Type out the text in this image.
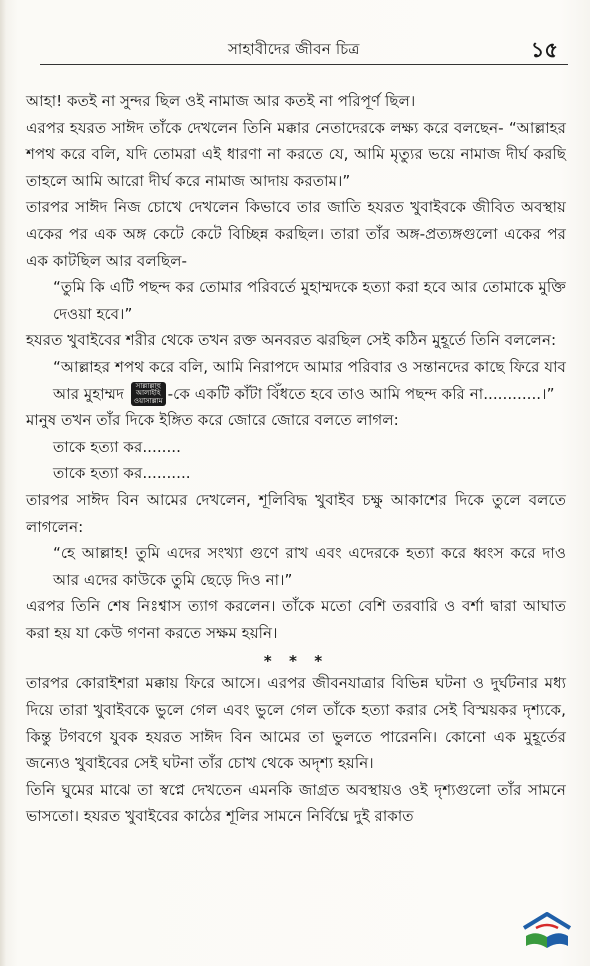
সাহাবীদের জীবন চিত্র	১৫

আহা! কতই না সুন্দর ছিল ওই নামাজ আর কতই না পরিপূর্ণ ছিল।

এরপর হযরত সাঈদ তাঁকে দেখলেন তিনি মক্কার নেতাদেরকে লক্ষ্য করে বলছেন- “আল্লাহর শপথ করে বলি, যদি তোমরা এই ধারণা না করতে যে, আমি মৃত্যুর ভয়ে নামাজ দীর্ঘ করছি তাহলে আমি আরো দীর্ঘ করে নামাজ আদায় করতাম।”

তারপর সাঈদ নিজ চোখে দেখলেন কিভাবে তার জাতি হযরত খুবাইবকে জীবিত অবস্থায় একের পর এক অঙ্গ কেটে কেটে বিচ্ছিন্ন করছিল। তারা তাঁর অঙ্গ-প্রত্যঙ্গগুলো একের পর এক কাটছিল আর বলছিল-

“তুমি কি এটি পছন্দ কর তোমার পরিবর্তে মুহাম্মদকে হত্যা করা হবে আর তোমাকে মুক্তি দেওয়া হবে।”

হযরত খুবাইবের শরীর থেকে তখন রক্ত অনবরত ঝরছিল সেই কঠিন মুহূর্তে তিনি বললেন:

“আল্লাহর শপথ করে বলি, আমি নিরাপদে আমার পরিবার ও সন্তানদের কাছে ফিরে যাব আর মুহাম্মদ সাল্লাল্লাহু
আলাইহি
ওয়াসাল্লাম -কে একটি কাঁটা বিঁধতে হবে তাও আমি পছন্দ করি না............।”

মানুষ তখন তাঁর দিকে ইঙ্গিত করে জোরে জোরে বলতে লাগল:

তাকে হত্যা কর........

তাকে হত্যা কর..........

তারপর সাঈদ বিন আমের দেখলেন, শূলিবিদ্ধ খুবাইব চক্ষু আকাশের দিকে তুলে বলতে লাগলেন:

“হে আল্লাহ! তুমি এদের সংখ্যা গুণে রাখ এবং এদেরকে হত্যা করে ধ্বংস করে দাও আর এদের কাউকে তুমি ছেড়ে দিও না।”

এরপর তিনি শেষ নিঃশ্বাস ত্যাগ করলেন। তাঁকে মতো বেশি তরবারি ও বর্শা দ্বারা আঘাত করা হয় যা কেউ গণনা করতে সক্ষম হয়নি।

* * *

তারপর কোরাইশরা মক্কায় ফিরে আসে। এরপর জীবনযাত্রার বিভিন্ন ঘটনা ও দুর্ঘটনার মধ্য দিয়ে তারা খুবাইবকে ভুলে গেল এবং ভুলে গেল তাঁকে হত্যা করার সেই বিস্ময়কর দৃশ্যকে, কিন্তু টগবগে যুবক হযরত সাঈদ বিন আমের তা ভুলতে পারেননি। কোনো এক মুহূর্তের জন্যেও খুবাইবের সেই ঘটনা তাঁর চোখ থেকে অদৃশ্য হয়নি।

তিনি ঘুমের মাঝে তা স্বপ্নে দেখতেন এমনকি জাগ্রত অবস্থায়ও ওই দৃশ্যগুলো তাঁর সামনে ভাসতো। হযরত খুবাইবের কাঠের শূলির সামনে নির্বিঘ্নে দুই রাকাত
